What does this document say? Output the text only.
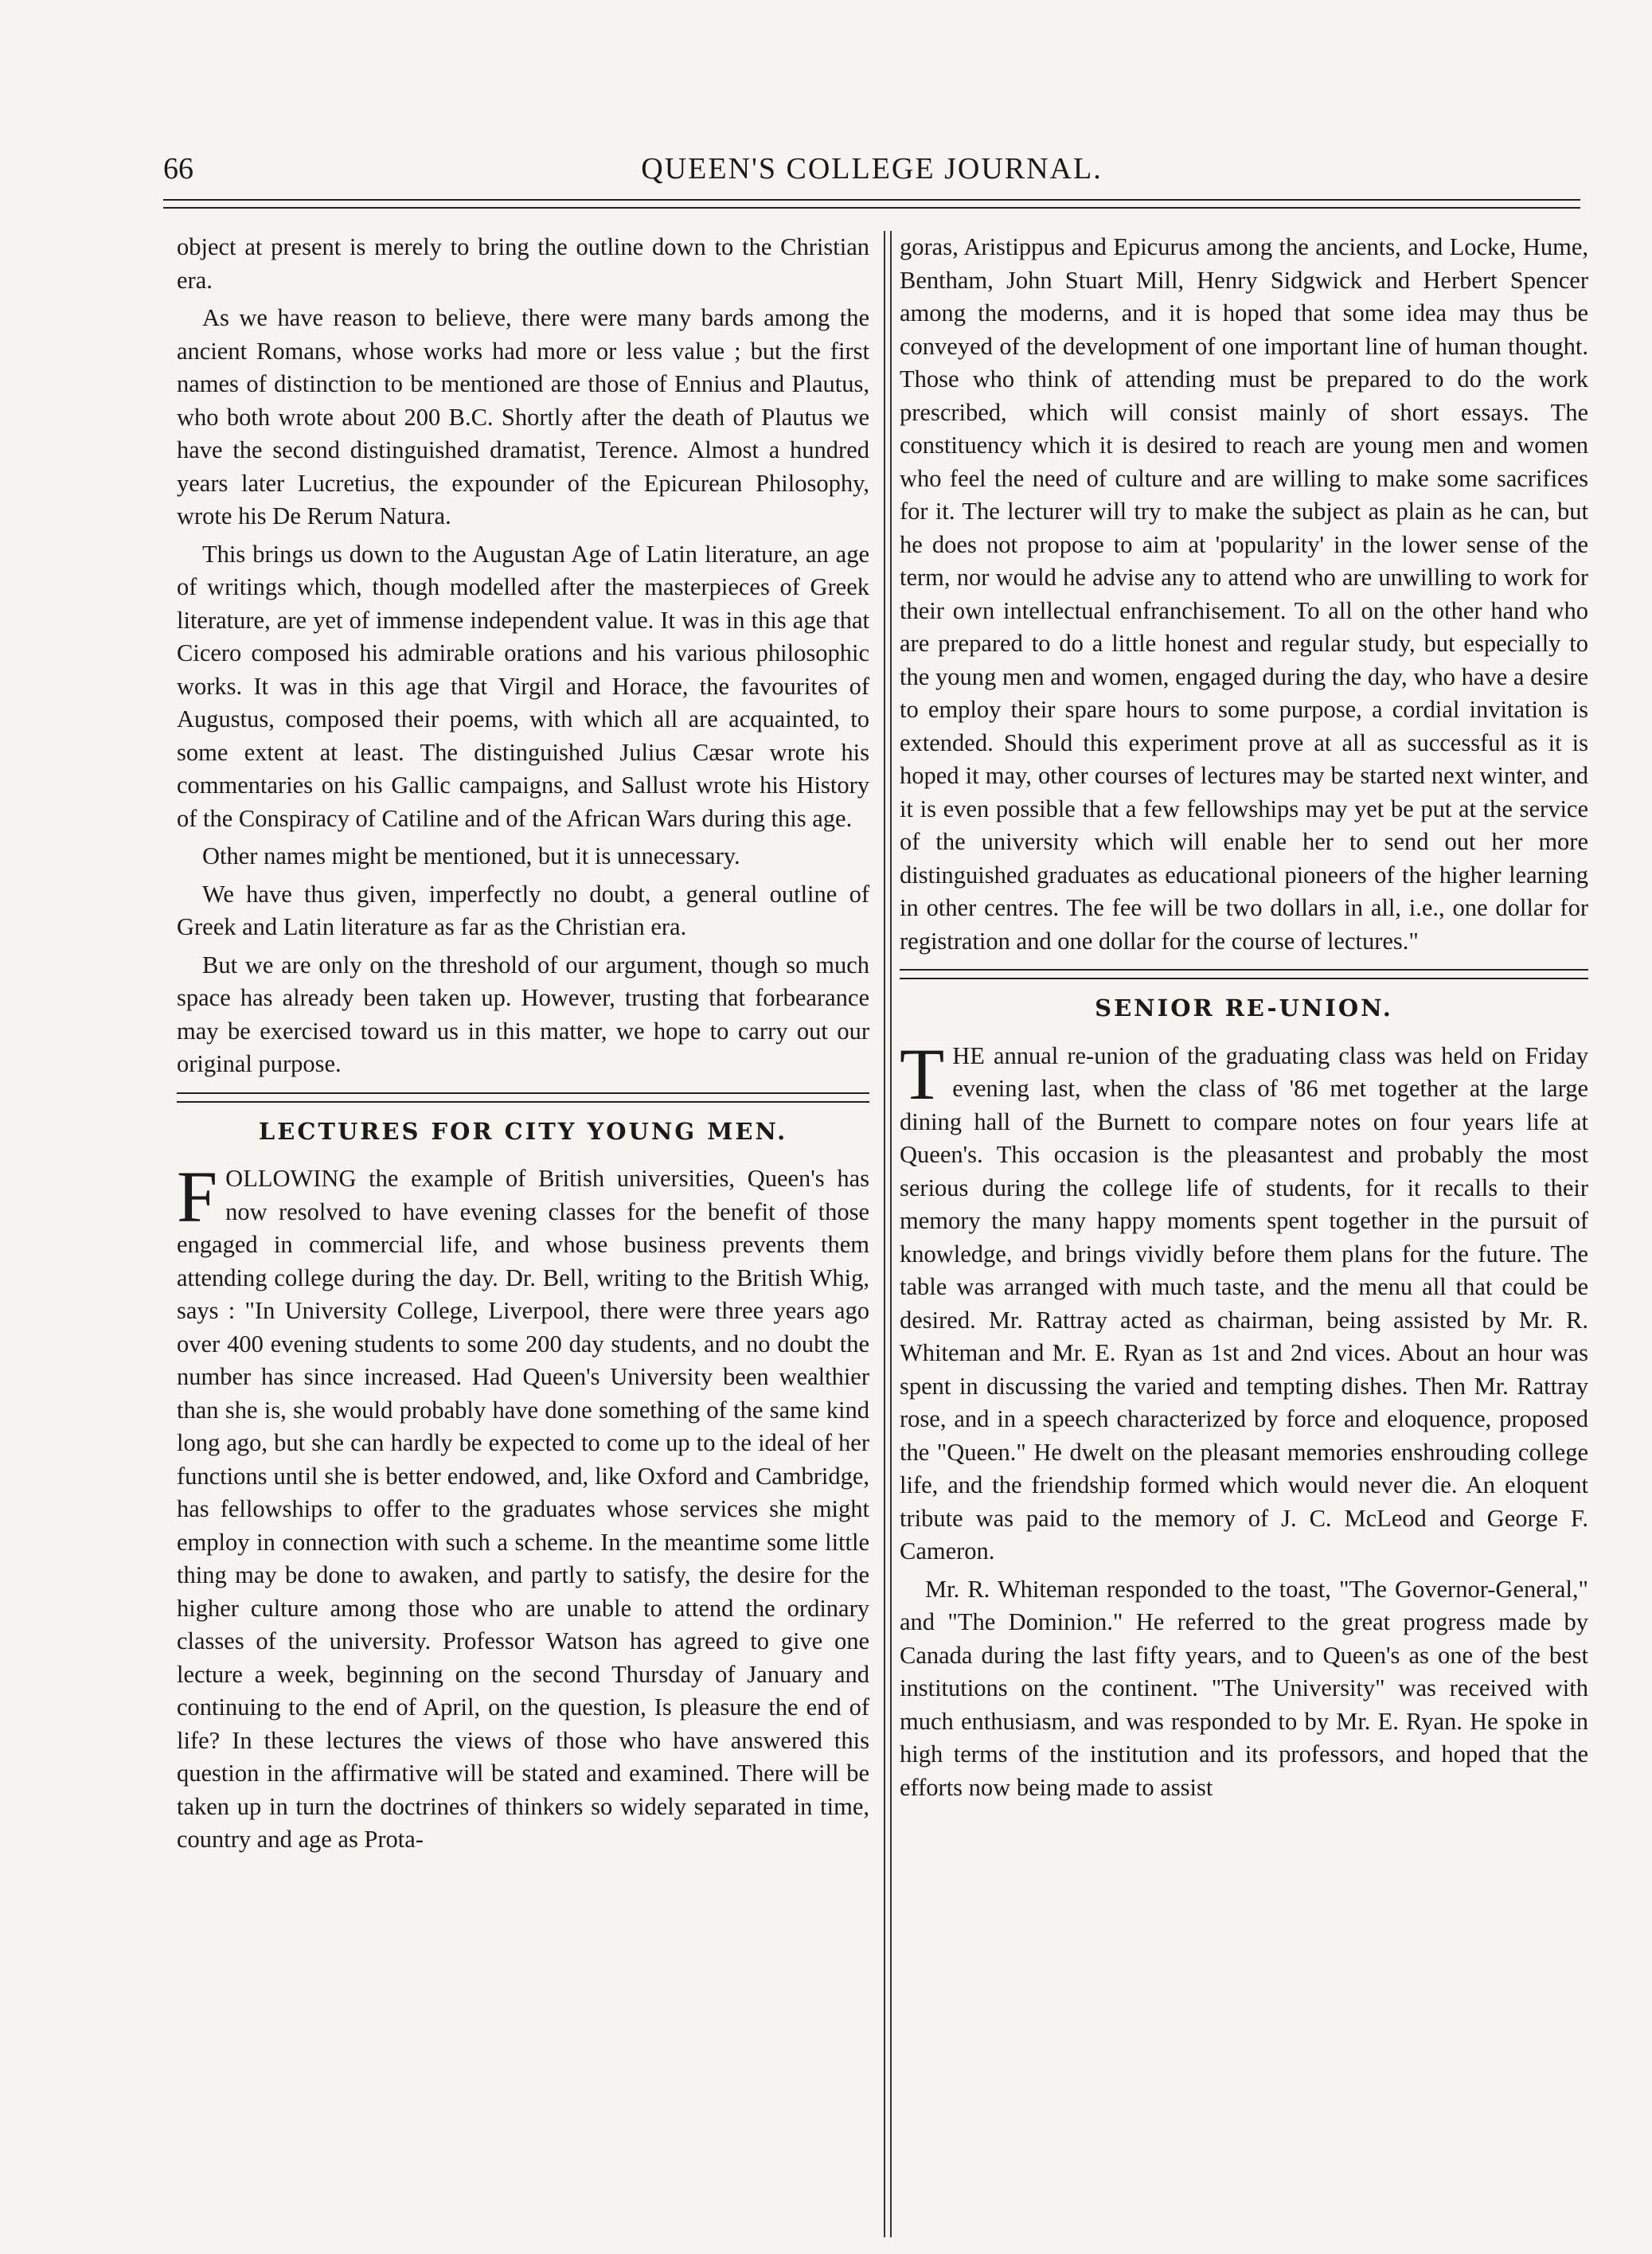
66	QUEEN'S COLLEGE JOURNAL.

object at present is merely to bring the outline down to the Christian era.

As we have reason to believe, there were many bards among the ancient Romans, whose works had more or less value ; but the first names of distinction to be mentioned are those of Ennius and Plautus, who both wrote about 200 B.C. Shortly after the death of Plautus we have the second distinguished dramatist, Terence. Almost a hundred years later Lucretius, the expounder of the Epicurean Philosophy, wrote his De Rerum Natura.

This brings us down to the Augustan Age of Latin literature, an age of writings which, though modelled after the masterpieces of Greek literature, are yet of immense independent value. It was in this age that Cicero composed his admirable orations and his various philosophic works. It was in this age that Virgil and Horace, the favourites of Augustus, composed their poems, with which all are acquainted, to some extent at least. The distinguished Julius Cæsar wrote his commentaries on his Gallic campaigns, and Sallust wrote his History of the Conspiracy of Catiline and of the African Wars during this age.

Other names might be mentioned, but it is unnecessary.

We have thus given, imperfectly no doubt, a general outline of Greek and Latin literature as far as the Christian era.

But we are only on the threshold of our argument, though so much space has already been taken up. However, trusting that forbearance may be exercised toward us in this matter, we hope to carry out our original purpose.

LECTURES FOR CITY YOUNG MEN.

FOLLOWING the example of British universities, Queen's has now resolved to have evening classes for the benefit of those engaged in commercial life, and whose business prevents them attending college during the day. Dr. Bell, writing to the British Whig, says : "In University College, Liverpool, there were three years ago over 400 evening students to some 200 day students, and no doubt the number has since increased. Had Queen's University been wealthier than she is, she would probably have done something of the same kind long ago, but she can hardly be expected to come up to the ideal of her functions until she is better endowed, and, like Oxford and Cambridge, has fellowships to offer to the graduates whose services she might employ in connection with such a scheme. In the meantime some little thing may be done to awaken, and partly to satisfy, the desire for the higher culture among those who are unable to attend the ordinary classes of the university. Professor Watson has agreed to give one lecture a week, beginning on the second Thursday of January and continuing to the end of April, on the question, Is pleasure the end of life? In these lectures the views of those who have answered this question in the affirmative will be stated and examined. There will be taken up in turn the doctrines of thinkers so widely separated in time, country and age as Prota-

goras, Aristippus and Epicurus among the ancients, and Locke, Hume, Bentham, John Stuart Mill, Henry Sidgwick and Herbert Spencer among the moderns, and it is hoped that some idea may thus be conveyed of the development of one important line of human thought. Those who think of attending must be prepared to do the work prescribed, which will consist mainly of short essays. The constituency which it is desired to reach are young men and women who feel the need of culture and are willing to make some sacrifices for it. The lecturer will try to make the subject as plain as he can, but he does not propose to aim at 'popularity' in the lower sense of the term, nor would he advise any to attend who are unwilling to work for their own intellectual enfranchisement. To all on the other hand who are prepared to do a little honest and regular study, but especially to the young men and women, engaged during the day, who have a desire to employ their spare hours to some purpose, a cordial invitation is extended. Should this experiment prove at all as successful as it is hoped it may, other courses of lectures may be started next winter, and it is even possible that a few fellowships may yet be put at the service of the university which will enable her to send out her more distinguished graduates as educational pioneers of the higher learning in other centres. The fee will be two dollars in all, i.e., one dollar for registration and one dollar for the course of lectures."

SENIOR RE-UNION.

THE annual re-union of the graduating class was held on Friday evening last, when the class of '86 met together at the large dining hall of the Burnett to compare notes on four years life at Queen's. This occasion is the pleasantest and probably the most serious during the college life of students, for it recalls to their memory the many happy moments spent together in the pursuit of knowledge, and brings vividly before them plans for the future. The table was arranged with much taste, and the menu all that could be desired. Mr. Rattray acted as chairman, being assisted by Mr. R. Whiteman and Mr. E. Ryan as 1st and 2nd vices. About an hour was spent in discussing the varied and tempting dishes. Then Mr. Rattray rose, and in a speech characterized by force and eloquence, proposed the "Queen." He dwelt on the pleasant memories enshrouding college life, and the friendship formed which would never die. An eloquent tribute was paid to the memory of J. C. McLeod and George F. Cameron.

Mr. R. Whiteman responded to the toast, "The Governor-General," and "The Dominion." He referred to the great progress made by Canada during the last fifty years, and to Queen's as one of the best institutions on the continent. "The University" was received with much enthusiasm, and was responded to by Mr. E. Ryan. He spoke in high terms of the institution and its professors, and hoped that the efforts now being made to assist
